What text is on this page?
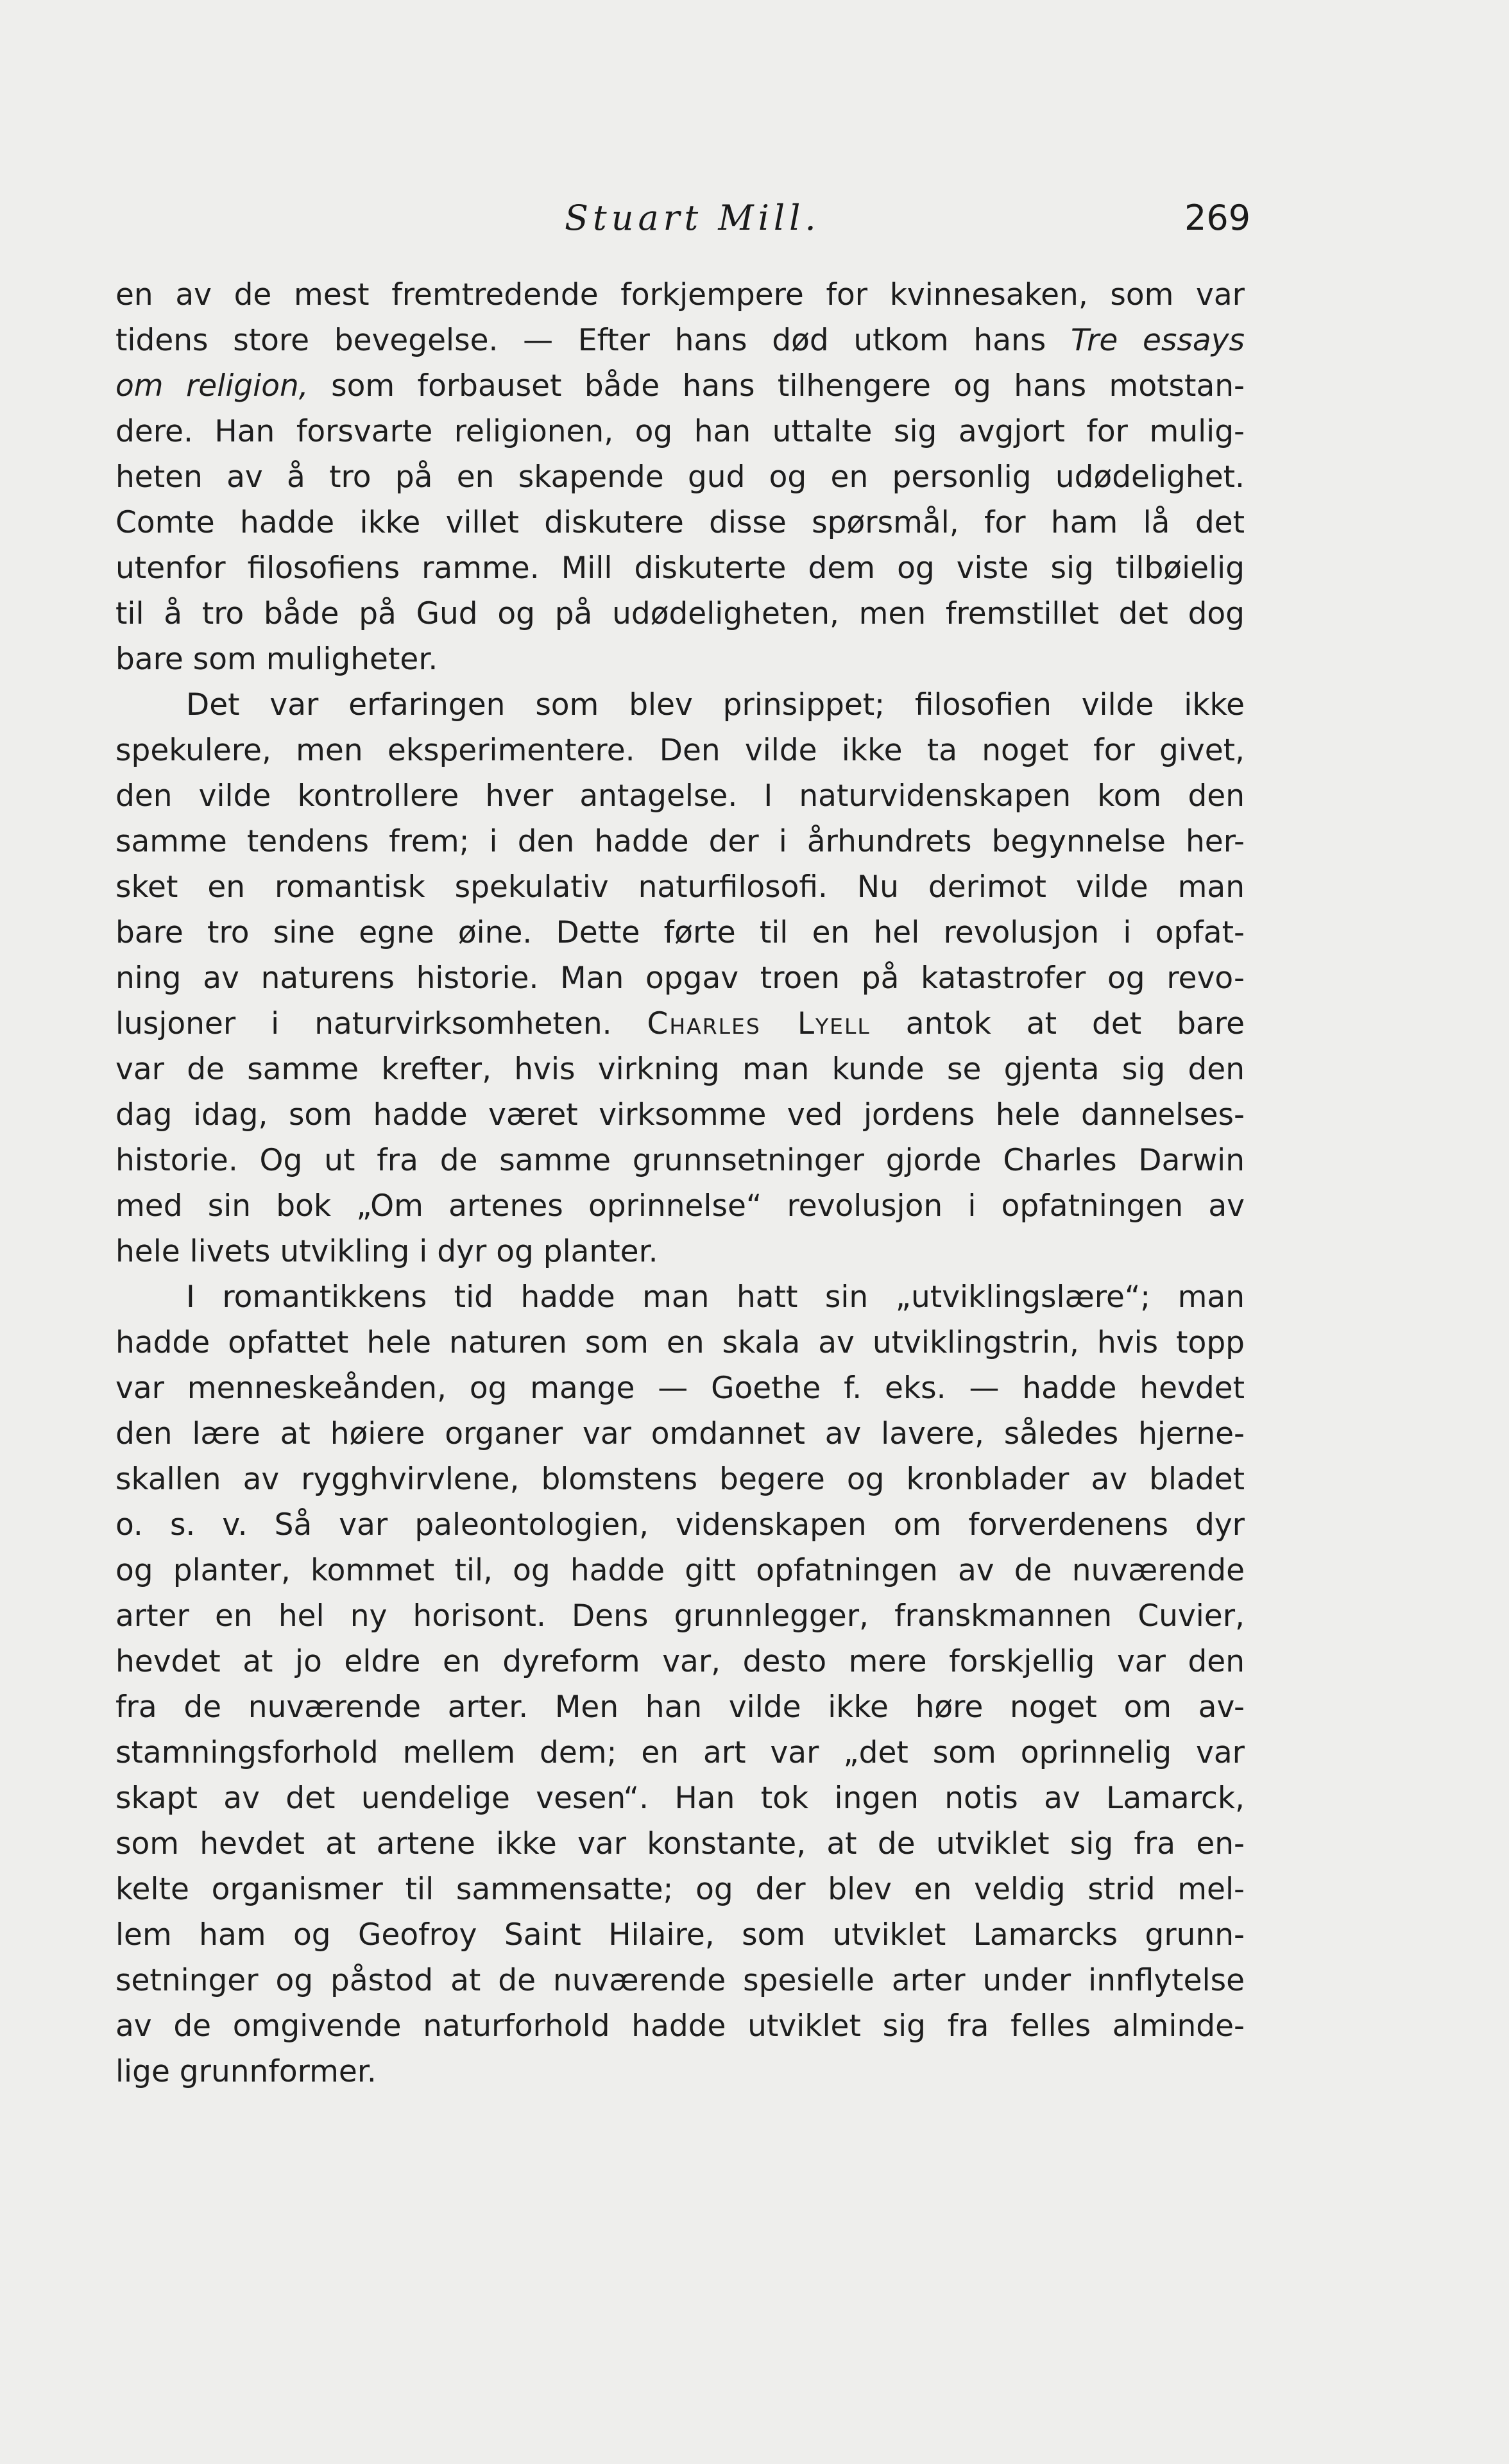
Stuart Mill.	269
en av de mest fremtredende forkjempere for kvinnesaken, som var
tidens store bevegelse. — Efter hans død utkom hans Tre essays
om religion, som forbauset både hans tilhengere og hans motstan-
dere. Han forsvarte religionen, og han uttalte sig avgjort for mulig-
heten av å tro på en skapende gud og en personlig udødelighet.
Comte hadde ikke villet diskutere disse spørsmål, for ham lå det
utenfor filosofiens ramme. Mill diskuterte dem og viste sig tilbøielig
til å tro både på Gud og på udødeligheten, men fremstillet det dog
bare som muligheter.
Det var erfaringen som blev prinsippet; filosofien vilde ikke
spekulere, men eksperimentere. Den vilde ikke ta noget for givet,
den vilde kontrollere hver antagelse. I naturvidenskapen kom den
samme tendens frem; i den hadde der i århundrets begynnelse her-
sket en romantisk spekulativ naturfilosofi. Nu derimot vilde man
bare tro sine egne øine. Dette førte til en hel revolusjon i opfat-
ning av naturens historie. Man opgav troen på katastrofer og revo-
lusjoner i naturvirksomheten. Charles Lyell antok at det bare
var de samme krefter, hvis virkning man kunde se gjenta sig den
dag idag, som hadde været virksomme ved jordens hele dannelses-
historie. Og ut fra de samme grunnsetninger gjorde Charles Darwin
med sin bok „Om artenes oprinnelse“ revolusjon i opfatningen av
hele livets utvikling i dyr og planter.
I romantikkens tid hadde man hatt sin „utviklingslære“; man
hadde opfattet hele naturen som en skala av utviklingstrin, hvis topp
var menneskeånden, og mange — Goethe f. eks. — hadde hevdet
den lære at høiere organer var omdannet av lavere, således hjerne-
skallen av rygghvirvlene, blomstens begere og kronblader av bladet
o. s. v. Så var paleontologien, videnskapen om forverdenens dyr
og planter, kommet til, og hadde gitt opfatningen av de nuværende
arter en hel ny horisont. Dens grunnlegger, franskmannen Cuvier,
hevdet at jo eldre en dyreform var, desto mere forskjellig var den
fra de nuværende arter. Men han vilde ikke høre noget om av-
stamningsforhold mellem dem; en art var „det som oprinnelig var
skapt av det uendelige vesen“. Han tok ingen notis av Lamarck,
som hevdet at artene ikke var konstante, at de utviklet sig fra en-
kelte organismer til sammensatte; og der blev en veldig strid mel-
lem ham og Geofroy Saint Hilaire, som utviklet Lamarcks grunn-
setninger og påstod at de nuværende spesielle arter under innflytelse
av de omgivende naturforhold hadde utviklet sig fra felles alminde-
lige grunnformer.
